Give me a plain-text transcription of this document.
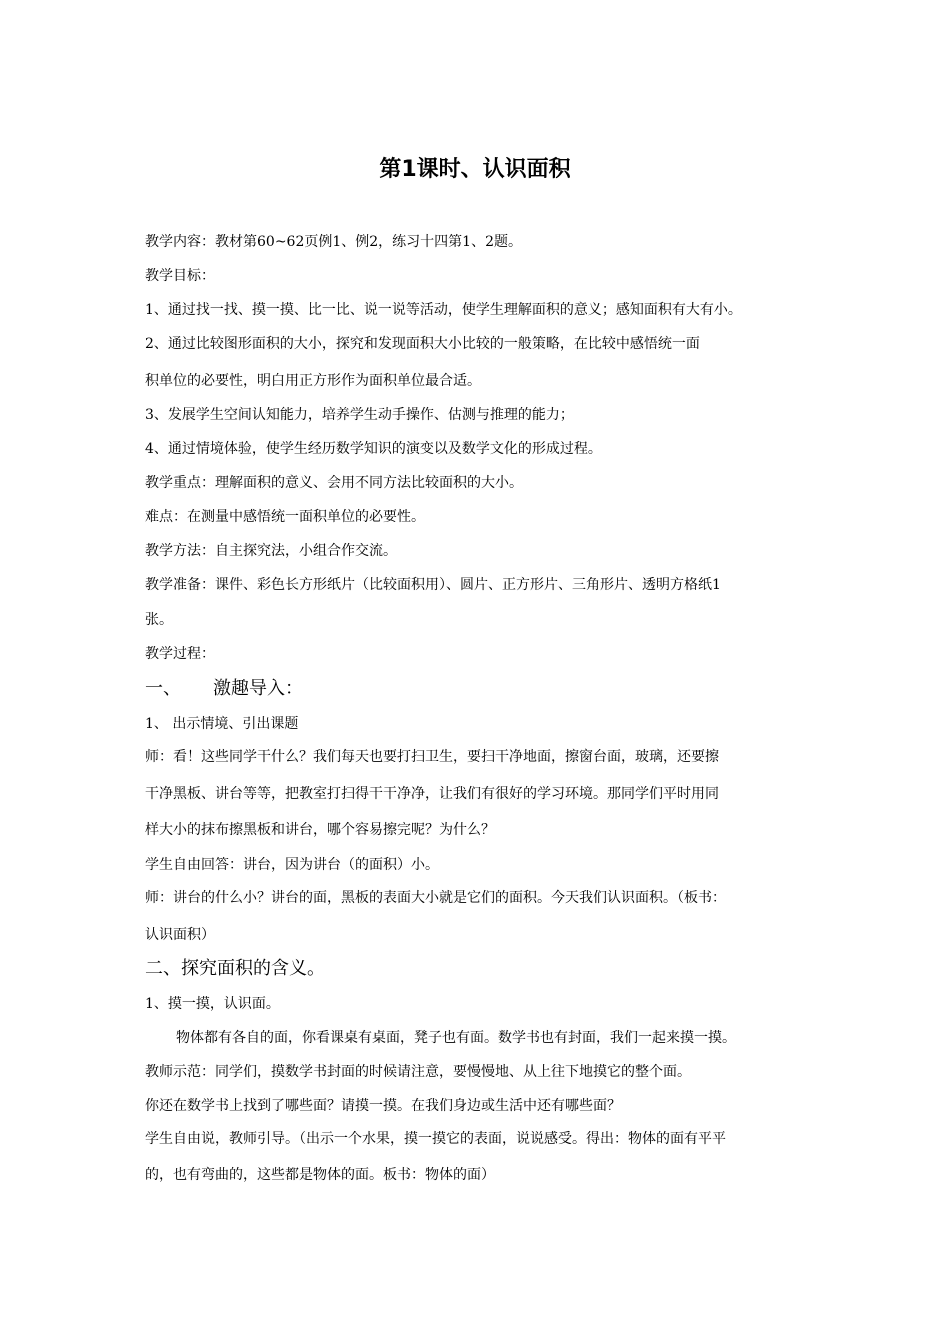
第1课时、认识面积
教学内容：教材第60~62页例1、例2，练习十四第1、2题。
教学目标：
1、通过找一找、摸一摸、比一比、说一说等活动，使学生理解面积的意义；感知面积有大有小。
2、通过比较图形面积的大小，探究和发现面积大小比较的一般策略，在比较中感悟统一面
积单位的必要性，明白用正方形作为面积单位最合适。
3、发展学生空间认知能力，培养学生动手操作、估测与推理的能力；
4、通过情境体验，使学生经历数学知识的演变以及数学文化的形成过程。
教学重点：理解面积的意义、会用不同方法比较面积的大小。
难点：在测量中感悟统一面积单位的必要性。
教学方法：自主探究法，小组合作交流。
教学准备：课件、彩色长方形纸片（比较面积用）、圆片、正方形片、三角形片、透明方格纸1
张。
教学过程：
一、 激趣导入：
1、 出示情境、引出课题
师：看！这些同学干什么？我们每天也要打扫卫生，要扫干净地面，擦窗台面，玻璃，还要擦
干净黑板、讲台等等，把教室打扫得干干净净，让我们有很好的学习环境。那同学们平时用同
样大小的抹布擦黑板和讲台，哪个容易擦完呢？为什么？
学生自由回答：讲台，因为讲台（的面积）小。
师：讲台的什么小？讲台的面，黑板的表面大小就是它们的面积。今天我们认识面积。（板书：
认识面积）
二、探究面积的含义。
1、摸一摸，认识面。
物体都有各自的面，你看课桌有桌面，凳子也有面。数学书也有封面，我们一起来摸一摸。
教师示范：同学们，摸数学书封面的时候请注意，要慢慢地、从上往下地摸它的整个面。
你还在数学书上找到了哪些面？请摸一摸。在我们身边或生活中还有哪些面？
学生自由说，教师引导。（出示一个水果，摸一摸它的表面，说说感受。得出：物体的面有平平
的，也有弯曲的，这些都是物体的面。板书：物体的面）
